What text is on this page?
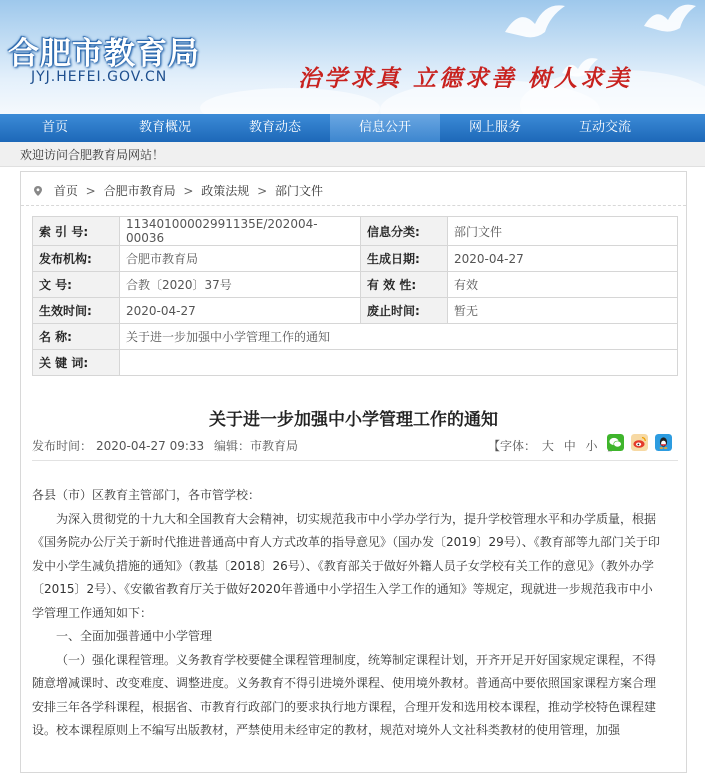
合肥市教育局
JYJ.HEFEI.GOV.CN	治学求真 立德求善 树人求美
首页	教育概况	教育动态	信息公开	网上服务	互动交流
欢迎访问合肥教育局网站！
首页 > 合肥市教育局 > 政策法规 > 部门文件
索 引 号:	11340100002991135E/202004-00036	信息分类:	部门文件
发布机构:	合肥市教育局	生成日期:	2020-04-27
文 号:	合教〔2020〕37号	有 效 性:	有效
生效时间:	2020-04-27	废止时间:	暂无
名 称:	关于进一步加强中小学管理工作的通知		
关 键 词:			
关于进一步加强中小学管理工作的通知
发布时间： 2020-04-27 09:33 编辑：市教育局	【字体： 大 中 小

各县（市）区教育主管部门，各市管学校：

为深入贯彻党的十九大和全国教育大会精神，切实规范我市中小学办学行为，提升学校管理水平和办学质量，根据《国务院办公厅关于新时代推进普通高中育人方式改革的指导意见》（国办发〔2019〕29号）、《教育部等九部门关于印发中小学生减负措施的通知》（教基〔2018〕26号）、《教育部关于做好外籍人员子女学校有关工作的意见》（教外办学〔2015〕2号）、《安徽省教育厅关于做好2020年普通中小学招生入学工作的通知》等规定，现就进一步规范我市中小学管理工作通知如下：

一、全面加强普通中小学管理

（一）强化课程管理。义务教育学校要健全课程管理制度，统筹制定课程计划，开齐开足开好国家规定课程，不得随意增减课时、改变难度、调整进度。义务教育不得引进境外课程、使用境外教材。普通高中要依照国家课程方案合理安排三年各学科课程，根据省、市教育行政部门的要求执行地方课程，合理开发和选用校本课程，推动学校特色课程建设。校本课程原则上不编写出版教材，严禁使用未经审定的教材，规范对境外人文社科类教材的使用管理，加强
